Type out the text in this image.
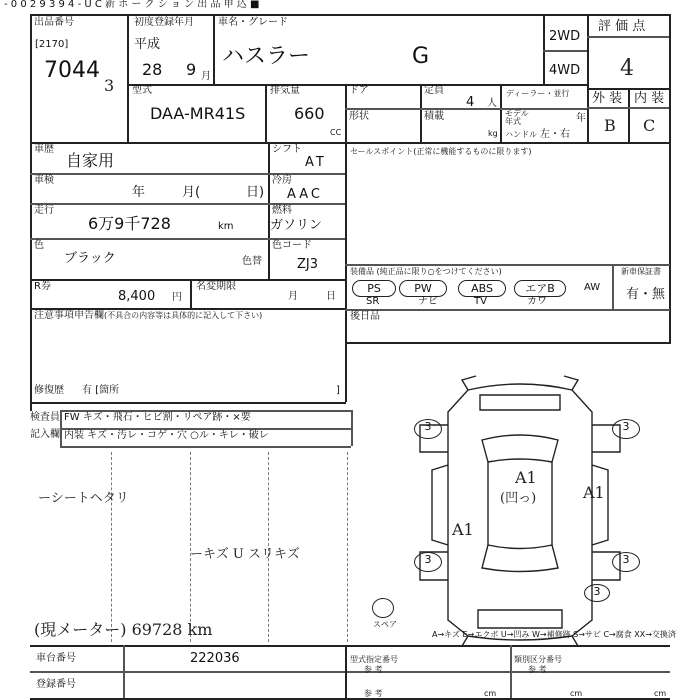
- 0 0 2 9 3 9 4 - U C 新 ホ ー ク シ ョ ン 出 品 申 込 ■
出品番号
[2170]
7044
3
初度登録年月
平成
28 9 月
車名・グレード
ハスラー	G
2WD
4WD
評 価 点
4
外 装 内 装
B C
型式
DAA-MR41S
排気量
660
CC
ドア	定員
4 人
ディーラー・並行
形状	積載
kg
モデル
年式	年
ハンドル 左・右
車歴
自家用
車検
年	月(	日)
走行
6万9千728	km
色
ブラック	色替
R券
8,400 円
名変期限
月	日
注意事項申告欄 (不具合の内容等は具体的に記入して下さい)
修復歴 有 [箇所	]
シフト
AT
冷房
AAC
燃料
ガソリン
色コード
ZJ3
セールスポイント(正常に機能するものに限ります)
装備品 (純正品に限り○をつけてください)
PS	PW	ABS	エアB	AW
SR	ナビ	TV	カワ
新車保証書
有・無
後日品
検査員
記入欄
FW キズ・飛石・ヒビ割・リペア跡・×要
内装 キズ・汚レ・コゲ・穴 ○ル・キレ・破レ
ーシートヘタリ
ーキズ U スリキズ
(現メーター) 69728 km
3	3
3	3
3
スペア
A1
(凹っ)
A1
A1
A→キズ E→エクボ U→凹み W→補修跡 S→サビ C→腐食 XX→交換済
車台番号	222036
登録番号
型式指定番号
参 考
参 考
類別区分番号
参 考
cm	cm	cm
